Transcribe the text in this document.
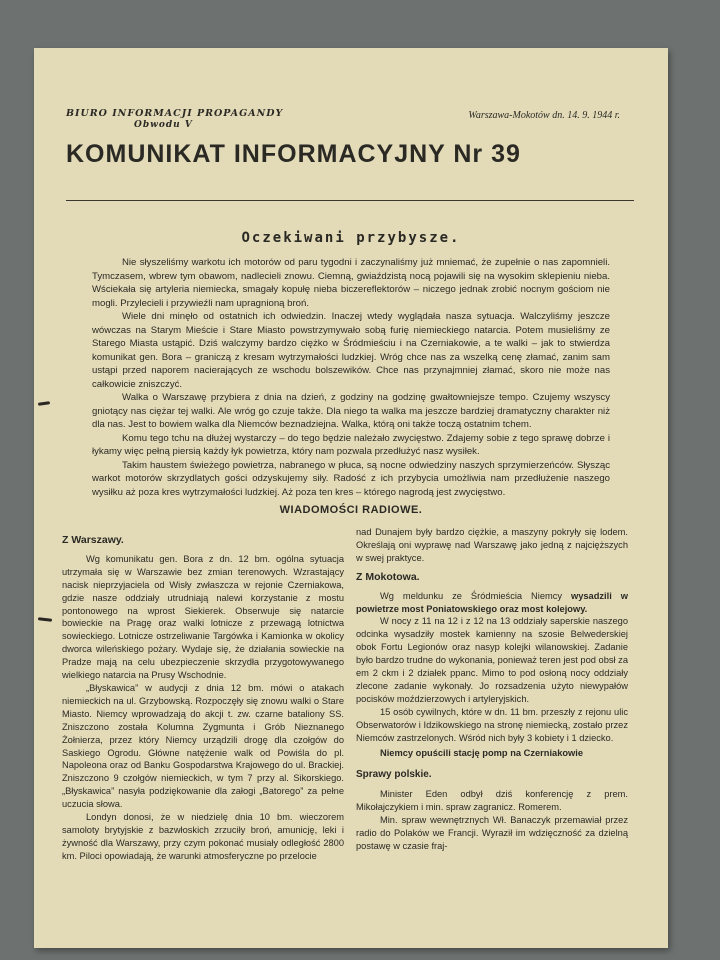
BIURO INFORMACJI PROPAGANDY
Obwodu V
Warszawa-Mokotów dn. 14. 9. 1944 r.
KOMUNIKAT INFORMACYJNY Nr 39
Oczekiwani przybysze.

Nie słyszeliśmy warkotu ich motorów od paru tygodni i zaczynaliśmy już mniemać, że zupełnie o nas zapomnieli. Tymczasem, wbrew tym obawom, nadlecieli znowu. Ciemną, gwiaździstą nocą pojawili się na wysokim sklepieniu nieba. Wściekała się artyleria niemiecka, smagały kopułę nieba biczereflektorów – niczego jednak zrobić nocnym gościom nie mogli. Przylecieli i przywieźli nam upragnioną broń.

Wiele dni minęło od ostatnich ich odwiedzin. Inaczej wtedy wyglądała nasza sytuacja. Walczyliśmy jeszcze wówczas na Starym Mieście i Stare Miasto powstrzymywało sobą furię niemieckiego natarcia. Potem musieliśmy ze Starego Miasta ustąpić. Dziś walczymy bardzo ciężko w Śródmieściu i na Czerniakowie, a te walki – jak to stwierdza komunikat gen. Bora – graniczą z kresam wytrzymałości ludzkiej. Wróg chce nas za wszelką cenę złamać, zanim sam ustąpi przed naporem nacierających ze wschodu bolszewików. Chce nas przynajmniej złamać, skoro nie może nas całkowicie zniszczyć.

Walka o Warszawę przybiera z dnia na dzień, z godziny na godzinę gwałtowniejsze tempo. Czujemy wszyscy gniotący nas ciężar tej walki. Ale wróg go czuje także. Dla niego ta walka ma jeszcze bardziej dramatyczny charakter niż dla nas. Jest to bowiem walka dla Niemców beznadziejna. Walka, którą oni także toczą ostatnim tchem.

Komu tego tchu na dłużej wystarczy – do tego będzie należało zwycięstwo. Zdajemy sobie z tego sprawę dobrze i łykamy więc pełną piersią każdy łyk powietrza, który nam pozwala przedłużyć nasz wysiłek.

Takim haustem świeżego powietrza, nabranego w płuca, są nocne odwiedziny naszych sprzymierzeńców. Słysząc warkot motorów skrzydlatych gości odzyskujemy siły. Radość z ich przybycia umożliwia nam przedłużenie naszego wysiłku aż poza kres wytrzymałości ludzkiej. Aż poza ten kres – którego nagrodą jest zwycięstwo.

WIADOMOŚCI RADIOWE.
Z Warszawy.

Wg komunikatu gen. Bora z dn. 12 bm. ogólna sytuacja utrzymała się w Warszawie bez zmian terenowych. Wzrastający nacisk nieprzyjaciela od Wisły zwłaszcza w rejonie Czerniakowa, gdzie nasze oddziały utrudniają nalewi korzystanie z mostu pontonowego na wprost Siekierek. Obserwuje się natarcie bowieckie na Pragę oraz walki lotnicze z przewagą lotnictwa sowieckiego. Lotnicze ostrzeliwanie Targówka i Kamionka w okolicy dworca wileńskiego pożary. Wydaje się, że działania sowieckie na Pradze mają na celu ubezpieczenie skrzydła przygotowywanego wielkiego natarcia na Prusy Wschodnie.

„Błyskawica” w audycji z dnia 12 bm. mówi o atakach niemieckich na ul. Grzybowską. Rozpoczęły się znowu walki o Stare Miasto. Niemcy wprowadzają do akcji t. zw. czarne bataliony SS. Zniszczono została Kolumna Zygmunta i Grób Nieznanego Żołnierza, przez który Niemcy urządzili drogę dla czołgów do Saskiego Ogrodu. Główne natężenie walk od Powiśla do pl. Napoleona oraz od Banku Gospodarstwa Krajowego do ul. Brackiej. Zniszczono 9 czołgów niemieckich, w tym 7 przy al. Sikorskiego. „Błyskawica” nasyła podziękowanie dla załogi „Batorego” za pełne uczucia słowa.

Londyn donosi, że w niedzielę dnia 10 bm. wieczorem samoloty brytyjskie z bazwłoskich zrzuciły broń, amunicję, leki i żywność dla Warszawy, przy czym pokonać musiały odległość 2800 km. Piloci opowiadają, że warunki atmosferyczne po przelocie

nad Dunajem były bardzo ciężkie, a maszyny pokryły się lodem. Określają oni wyprawę nad Warszawę jako jedną z najcięższych w swej praktyce.

Z Mokotowa.

Wg meldunku ze Śródmieścia Niemcy wysadzili w powietrze most Poniatowskiego oraz most kolejowy.

W nocy z 11 na 12 i z 12 na 13 oddziały saperskie naszego odcinka wysadziły mostek kamienny na szosie Belwederskiej obok Fortu Legionów oraz nasyp kolejki wilanowskiej. Zadanie było bardzo trudne do wykonania, ponieważ teren jest pod obsł za em 2 ckm i 2 działek ppanc. Mimo to pod osłoną nocy oddziały zlecone zadanie wykonały. Jo rozsadzenia użyto niewypałów pocisków moździerzowych i artyleryjskich.

15 osób cywilnych, które w dn. 11 bm. przeszły z rejonu ulic Obserwatorów i Idzikowskiego na stronę niemiecką, zostało przez Niemców zastrzelonych. Wśród nich były 3 kobiety i 1 dziecko.

Niemcy opuścili stację pomp na Czerniakowie

Sprawy polskie.

Minister Eden odbył dziś konferencję z prem. Mikołajczykiem i min. spraw zagranicz. Romerem.

Min. spraw wewnętrznych Wł. Banaczyk przemawiał przez radio do Polaków we Francji. Wyraził im wdzięczność za dzielną postawę w czasie fraj-
